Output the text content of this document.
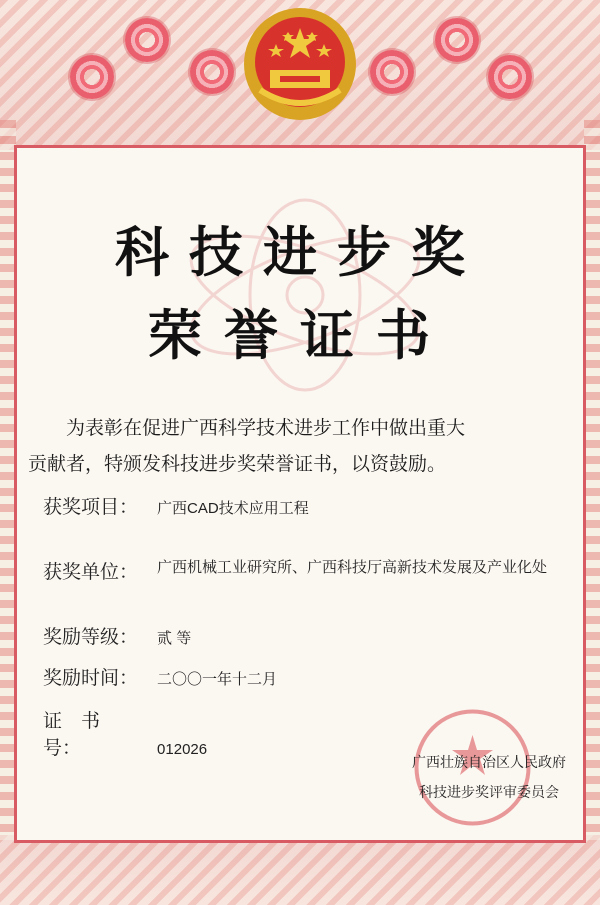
科技进步奖
荣誉证书
为表彰在促进广西科学技术进步工作中做出重大
贡献者，特颁发科技进步奖荣誉证书，以资鼓励。
获奖项目： 广西CAD技术应用工程
获奖单位： 广西机械工业研究所、广西科技厅高新技术发展及产业化处
奖励等级： 贰 等
奖励时间： 二〇〇一年十二月
证　书　号：	012026
广西壮族自治区人民政府
科技进步奖评审委员会
